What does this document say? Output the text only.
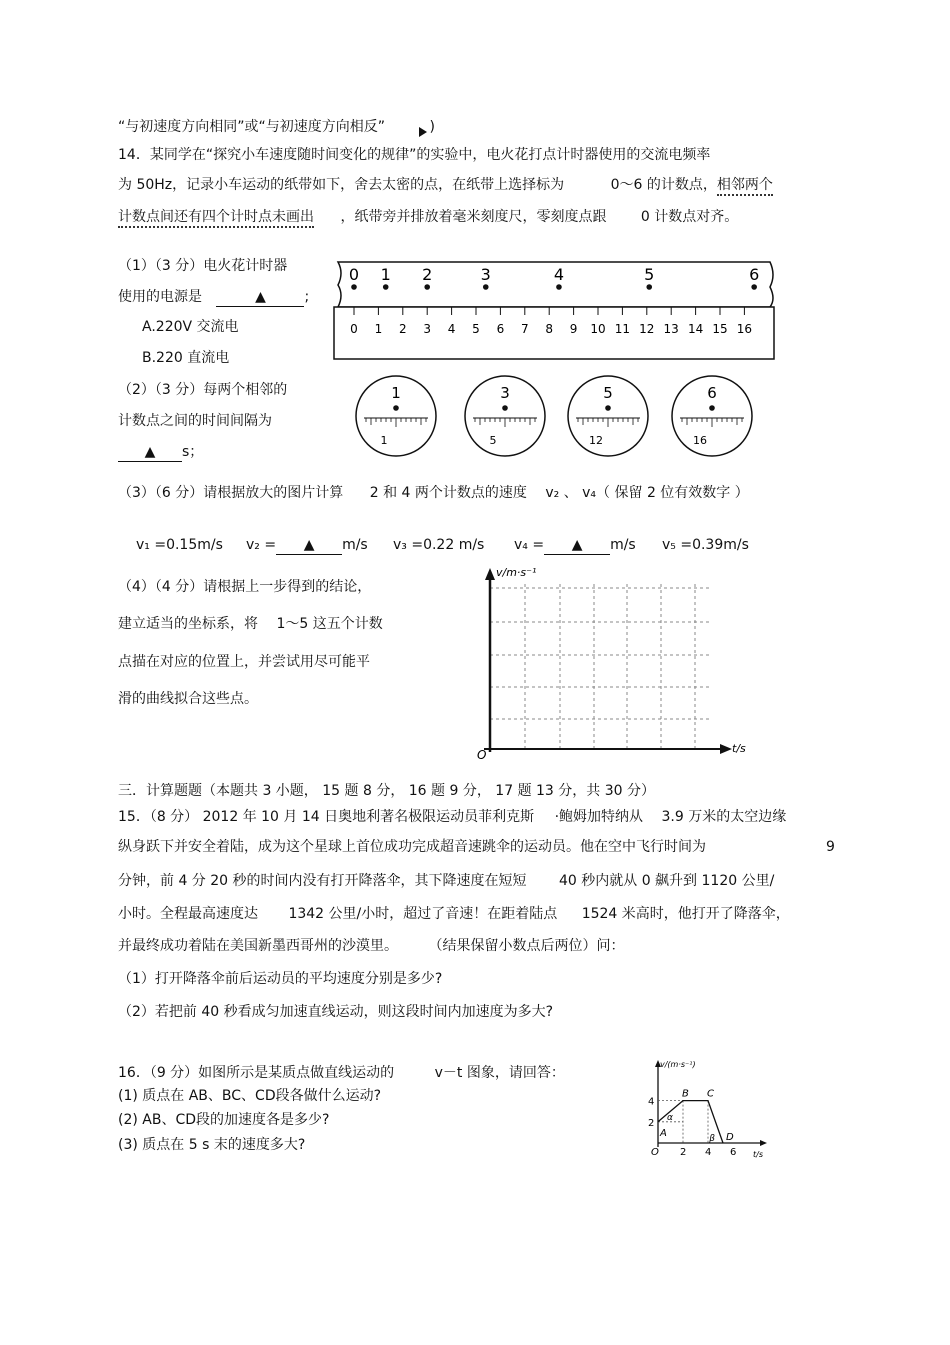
“与初速度方向相同”或“与初速度方向相反”	)
14．某同学在“探究小车速度随时间变化的规律”的实验中，电火花打点计时器使用的交流电频率
为 50Hz，记录小车运动的纸带如下，舍去太密的点，在纸带上选择标为	0～6 的计数点，相邻两个
计数点间还有四个计时点未画出 ，纸带旁并排放着毫米刻度尺，零刻度点跟 0 计数点对齐。
（1）（3 分）电火花计时器
使用的电源是	▲	;
A.220V 交流电
B.220 直流电
（2）（3 分）每两个相邻的
计数点之间的时间间隔为
▲ s；
0 1 2	3	4	5	6
0 1 2 3 4 5 6 7 8 9 10 11 12 13 14 15 16
1
1
3
5
5
12
6
16
（3）（6 分）请根据放大的图片计算 2 和 4 两个计数点的速度 v₂ 、 v₄（ 保留 2 位有效数字 ）
v₁ =0.15m/s v₂ = ▲ m/s v₃ =0.22 m/s v₄ = ▲ m/s v₅ =0.39m/s
（4）（4 分）请根据上一步得到的结论，
建立适当的坐标系，将 1～5 这五个计数
点描在对应的位置上，并尝试用尽可能平
滑的曲线拟合这些点。
v/m·s⁻¹
t/s
O
三．计算题题（本题共 3 小题， 15 题 8 分， 16 题 9 分， 17 题 13 分，共 30 分）
15．（8 分） 2012 年 10 月 14 日奥地利著名极限运动员菲利克斯 ·鲍姆加特纳从 3.9 万米的太空边缘
纵身跃下并安全着陆，成为这个星球上首位成功完成超音速跳伞的运动员。他在空中飞行时间为	9
分钟，前 4 分 20 秒的时间内没有打开降落伞，其下降速度在短短 40 秒内就从 0 飙升到 1120 公里/
小时。全程最高速度达 1342 公里/小时，超过了音速！在距着陆点 1524 米高时，他打开了降落伞，
并最终成功着陆在美国新墨西哥州的沙漠里。 （结果保留小数点后两位）问：
（1）打开降落伞前后运动员的平均速度分别是多少?
（2）若把前 40 秒看成匀加速直线运动，则这段时间内加速度为多大?
16．（9 分）如图所示是某质点做直线运动的	v－t 图象，请回答：
(1) 质点在 AB、BC、CD段各做什么运动?
(2) AB、CD段的加速度各是多少?
(3) 质点在 5 s 末的速度多大?
v/(m·s⁻¹)
t/s
A
B C
D
α
β
O 2 4 6
2
4
